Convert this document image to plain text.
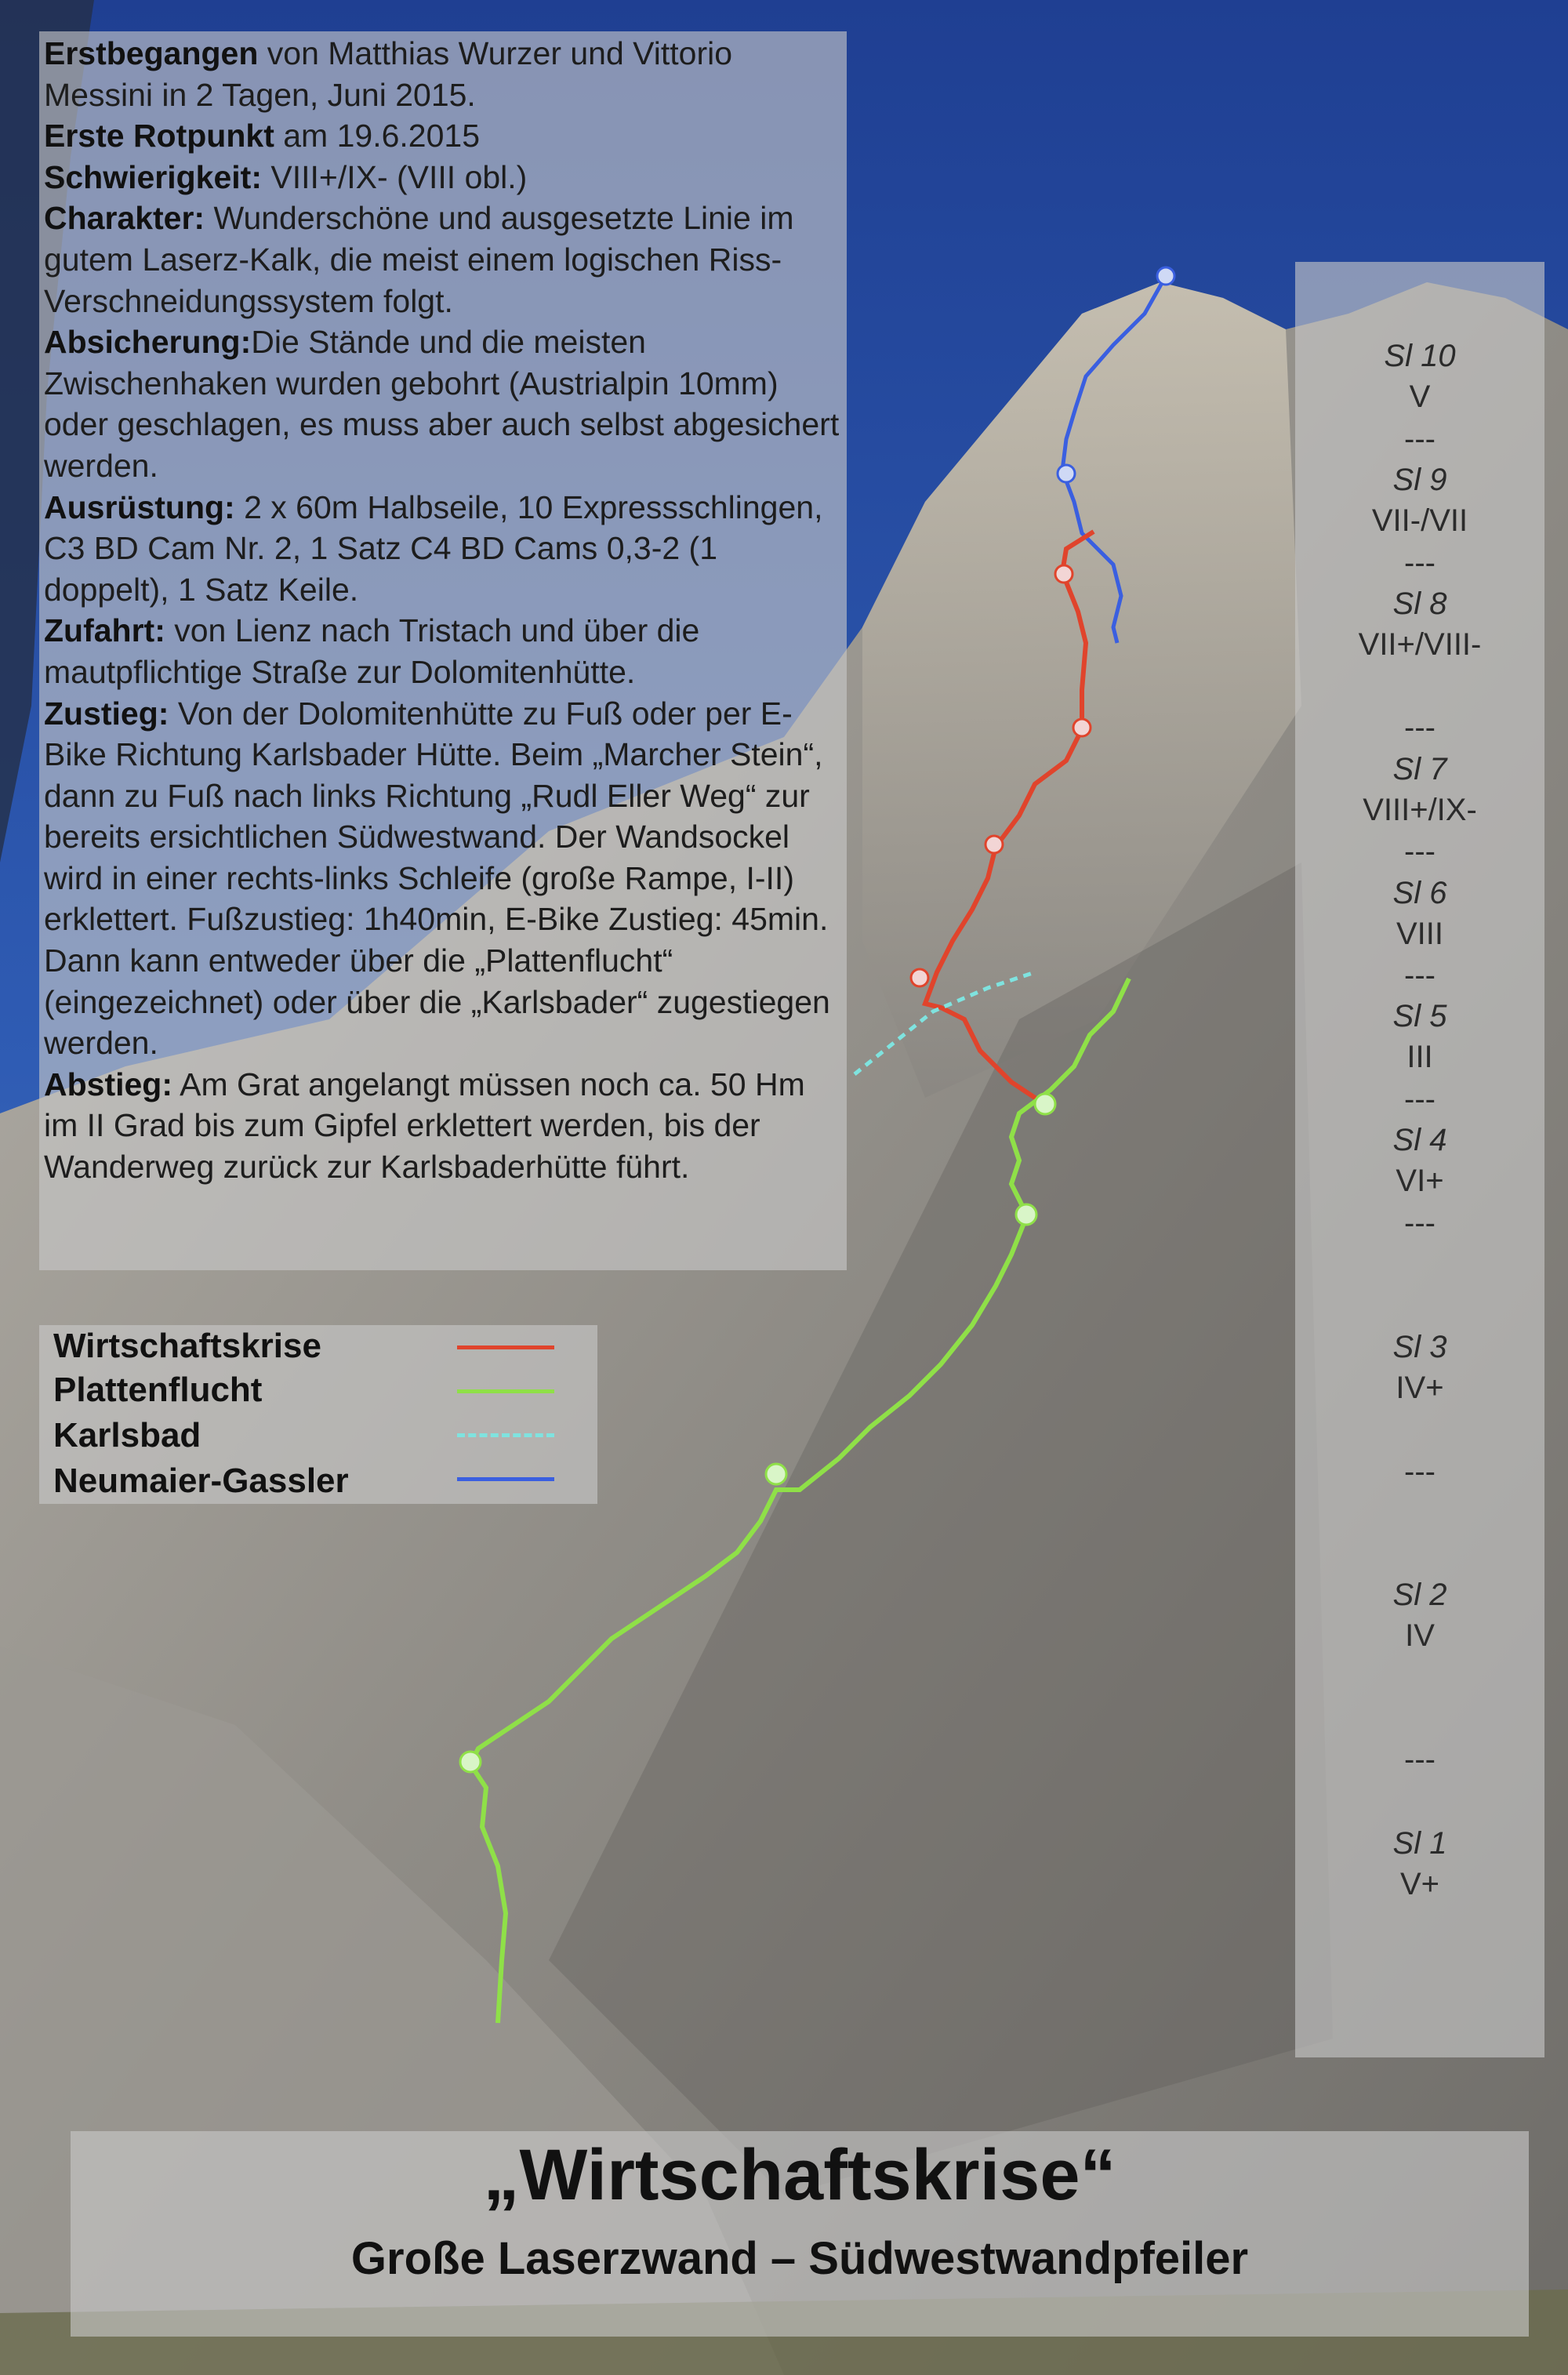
Erstbegangen von Matthias Wurzer und Vittorio Messini in 2 Tagen, Juni 2015.

Erste Rotpunkt am 19.6.2015

Schwierigkeit: VIII+/IX- (VIII obl.)

Charakter: Wunderschöne und ausgesetzte Linie im gutem Laserz-Kalk, die meist einem logischen Riss- Verschneidungssystem folgt.

Absicherung:Die Stände und die meisten Zwischenhaken wurden gebohrt (Austrialpin 10mm) oder geschlagen, es muss aber auch selbst abgesichert werden.

Ausrüstung: 2 x 60m Halbseile, 10 Expressschlingen, C3 BD Cam Nr. 2, 1 Satz C4 BD Cams 0,3-2 (1 doppelt), 1 Satz Keile.

Zufahrt: von Lienz nach Tristach und über die mautpflichtige Straße zur Dolomitenhütte.

Zustieg: Von der Dolomitenhütte zu Fuß oder per E-Bike Richtung Karlsbader Hütte. Beim „Marcher Stein“, dann zu Fuß nach links Richtung „Rudl Eller Weg“ zur bereits ersichtlichen Südwestwand. Der Wandsockel wird in einer rechts-links Schleife (große Rampe, I-II) erklettert. Fußzustieg: 1h40min, E-Bike Zustieg: 45min.

Dann kann entweder über die „Plattenflucht“ (eingezeichnet) oder über die „Karlsbader“ zugestiegen werden.

Abstieg: Am Grat angelangt müssen noch ca. 50 Hm im II Grad bis zum Gipfel erklettert werden, bis der Wanderweg zurück zur Karlsbaderhütte führt.

Wirtschaftskrise
Plattenflucht
Karlsbad
Neumaier-Gassler
Sl 10
V
---
Sl 9
VII-/VII
---
Sl 8
VII+/VIII-
---
Sl 7
VIII+/IX-
---
Sl 6
VIII
---
Sl 5
III
---
Sl 4
VI+
---
Sl 3
IV+
---
Sl 2
IV
---
Sl 1
V+
„Wirtschaftskrise“
Große Laserzwand – Südwestwandpfeiler
